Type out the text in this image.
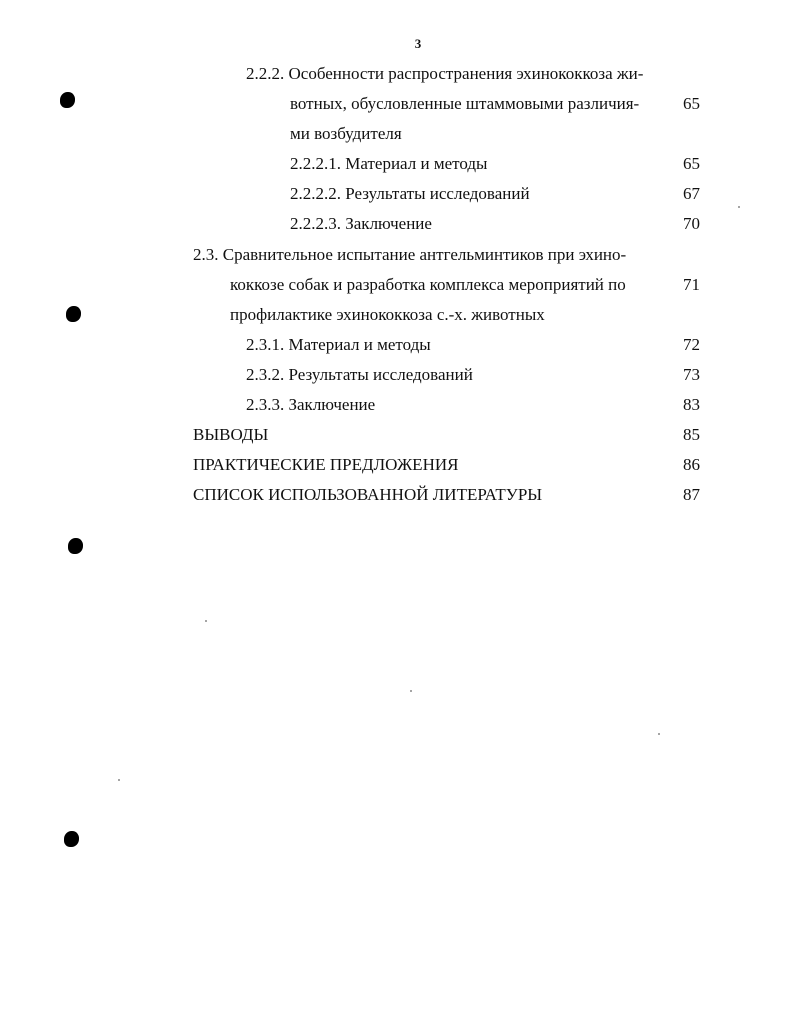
3
2.2.2. Особенности распространения эхинококкоза жи-
вотных, обусловленные штаммовыми различия-
ми возбудителя
65
2.2.2.1. Материал и методы	65
2.2.2.2. Результаты исследований	67
2.2.2.3. Заключение	70
2.3. Сравнительное испытание антгельминтиков при эхино-
коккозе собак и разработка комплекса мероприятий по
профилактике эхинококкоза с.-х. животных
71
2.3.1. Материал и методы	72
2.3.2. Результаты исследований	73
2.3.3. Заключение	83
ВЫВОДЫ	85
ПРАКТИЧЕСКИЕ ПРЕДЛОЖЕНИЯ	86
СПИСОК ИСПОЛЬЗОВАННОЙ ЛИТЕРАТУРЫ	87
